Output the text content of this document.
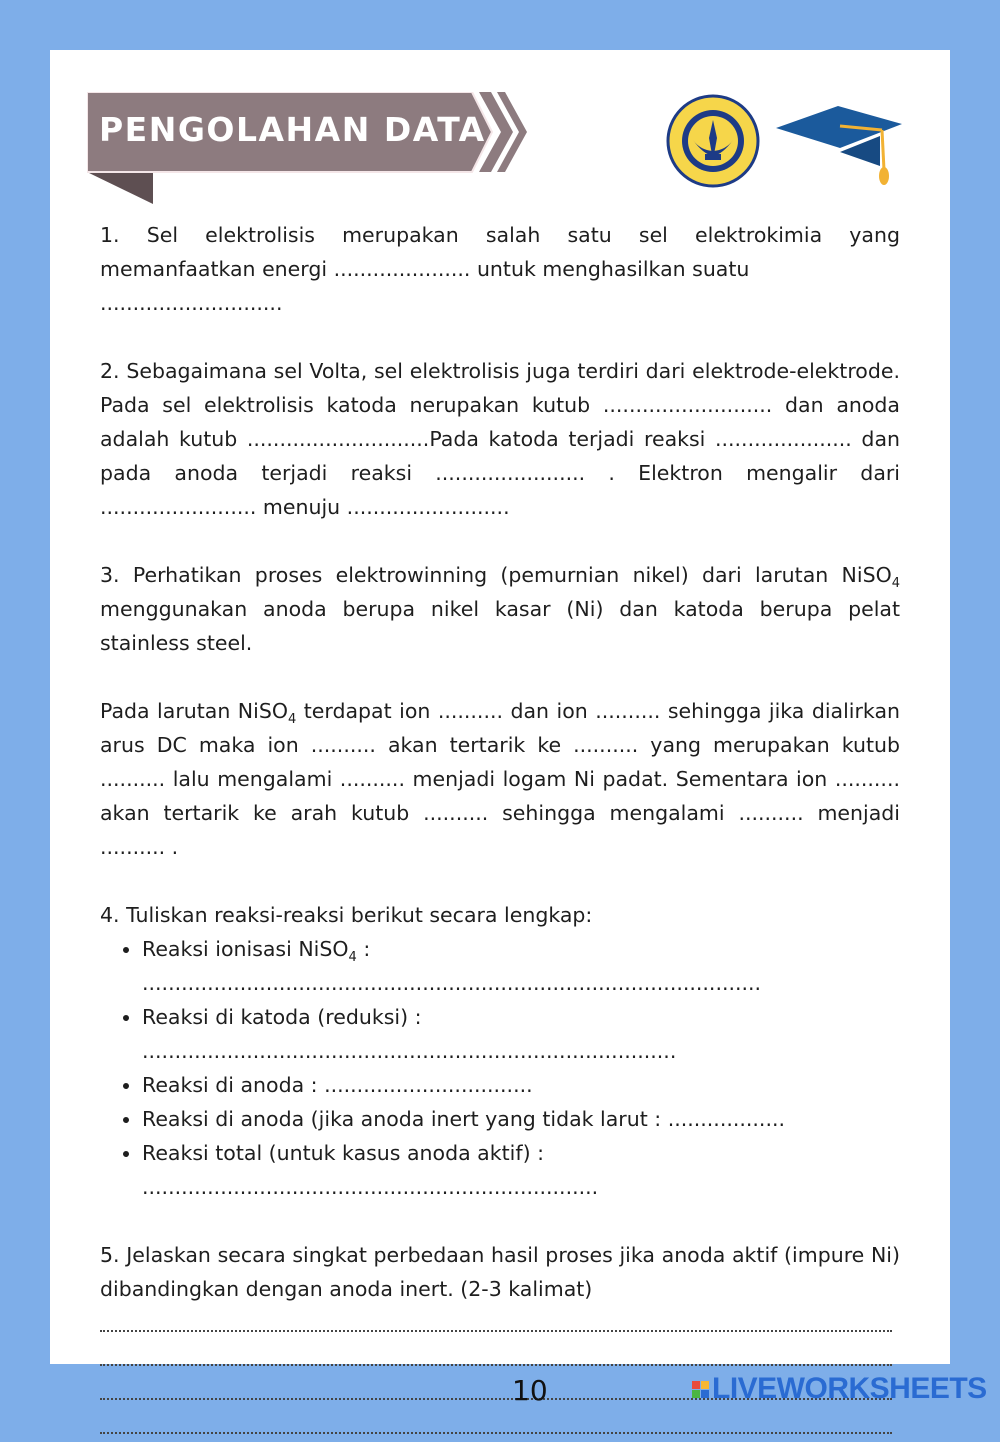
PENGOLAHAN DATA

1. Sel elektrolisis merupakan salah satu sel elektrokimia yang

memanfaatkan energi ..................... untuk menghasilkan suatu ............................

2. Sebagaimana sel Volta, sel elektrolisis juga terdiri dari elektrode-elektrode. Pada sel elektrolisis katoda nerupakan kutub .......................... dan anoda adalah kutub ............................Pada katoda terjadi reaksi ..................... dan pada anoda terjadi reaksi ....................... . Elektron mengalir dari ........................ menuju .........................

3. Perhatikan proses elektrowinning (pemurnian nikel) dari larutan NiSO$_4$ menggunakan anoda berupa nikel kasar (Ni) dan katoda berupa pelat stainless steel.

Pada larutan NiSO$_4$ terdapat ion .......... dan ion .......... sehingga jika dialirkan arus DC maka ion .......... akan tertarik ke .......... yang merupakan kutub .......... lalu mengalami .......... menjadi logam Ni padat. Sementara ion .......... akan tertarik ke arah kutub .......... sehingga mengalami .......... menjadi .......... .

4. Tuliskan reaksi-reaksi berikut secara lengkap:

• Reaksi ionisasi NiSO$_4$ : ...............................................................................................
• Reaksi di katoda (reduksi) : ..................................................................................
• Reaksi di anoda : ................................
• Reaksi di anoda (jika anoda inert yang tidak larut : ..................
• Reaksi total (untuk kasus anoda aktif) : ......................................................................

5. Jelaskan secara singkat perbedaan hasil proses jika anoda aktif (impure Ni) dibandingkan dengan anoda inert. (2-3 kalimat)

10	LIVEWORKSHEETS
